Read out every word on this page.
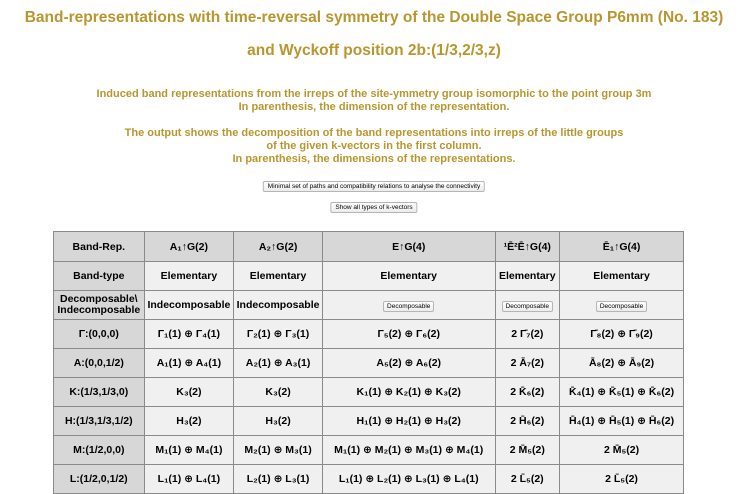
Band-representations with time-reversal symmetry of the Double Space Group P6mm (No. 183)
and Wyckoff position 2b:(1/3,2/3,z)
Induced band representations from the irreps of the site-ymmetry group isomorphic to the point group 3m
In parenthesis, the dimension of the representation.
The output shows the decomposition of the band representations into irreps of the little groups
of the given k-vectors in the first column.
In parenthesis, the dimensions of the representations.
Minimal set of paths and compatibility relations to analyse the connectivity
Show all types of k-vectors
Band-Rep.	A₁↑G(2)	A₂↑G(2)	E↑G(4)	¹Ē²Ē↑G(4)	Ē₁↑G(4)
Band-type	Elementary	Elementary	Elementary	Elementary	Elementary

Decomposable\
Indecomposable	Indecomposable	Indecomposable	Decomposable	Decomposable	Decomposable
Γ:(0,0,0)	Γ₁(1) ⊕ Γ₄(1)	Γ₂(1) ⊕ Γ₃(1)	Γ₅(2) ⊕ Γ₆(2)	2 Γ̄₇(2)	Γ̄₈(2) ⊕ Γ̄₉(2)
A:(0,0,1/2)	A₁(1) ⊕ A₄(1)	A₂(1) ⊕ A₃(1)	A₅(2) ⊕ A₆(2)	2 Ā₇(2)	Ā₈(2) ⊕ Ā₉(2)
K:(1/3,1/3,0)	K₃(2)	K₃(2)	K₁(1) ⊕ K₂(1) ⊕ K₃(2)	2 K̄₆(2)	K̄₄(1) ⊕ K̄₅(1) ⊕ K̄₆(2)
H:(1/3,1/3,1/2)	H₃(2)	H₃(2)	H₁(1) ⊕ H₂(1) ⊕ H₃(2)	2 H̄₆(2)	H̄₄(1) ⊕ H̄₅(1) ⊕ H̄₆(2)
M:(1/2,0,0)	M₁(1) ⊕ M₄(1)	M₂(1) ⊕ M₃(1)	M₁(1) ⊕ M₂(1) ⊕ M₃(1) ⊕ M₄(1)	2 M̄₅(2)	2 M̄₅(2)
L:(1/2,0,1/2)	L₁(1) ⊕ L₄(1)	L₂(1) ⊕ L₃(1)	L₁(1) ⊕ L₂(1) ⊕ L₃(1) ⊕ L₄(1)	2 L̄₅(2)	2 L̄₅(2)
